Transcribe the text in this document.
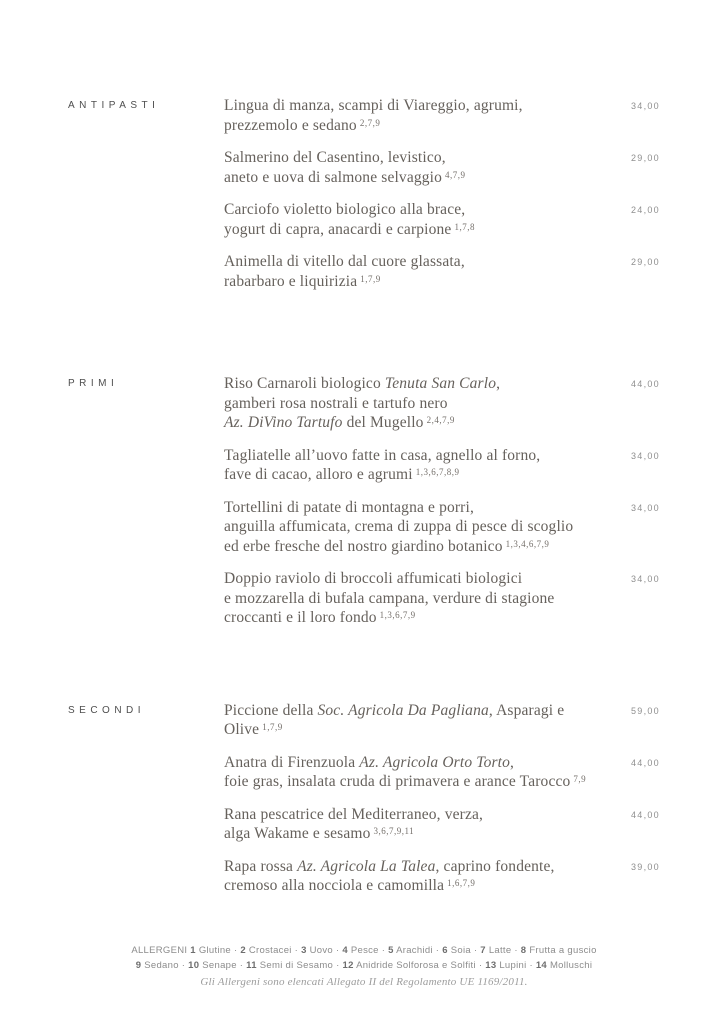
ANTIPASTI	Lingua di manza, scampi di Viareggio, agrumi,
prezzemolo e sedano $^{2,7,9}$
34,00
Salmerino del Casentino, levistico,
aneto e uova di salmone selvaggio $^{4,7,9}$
29,00
Carciofo violetto biologico alla brace,
yogurt di capra, anacardi e carpione $^{1,7,8}$
24,00
Animella di vitello dal cuore glassata,
rabarbaro e liquirizia $^{1,7,9}$
29,00
PRIMI	Riso Carnaroli biologico Tenuta San Carlo,
gamberi rosa nostrali e tartufo nero
Az. DiVino Tartufo del Mugello $^{2,4,7,9}$
44,00
Tagliatelle all’uovo fatte in casa, agnello al forno,
fave di cacao, alloro e agrumi $^{1,3,6,7,8,9}$
34,00
Tortellini di patate di montagna e porri,
anguilla affumicata, crema di zuppa di pesce di scoglio
ed erbe fresche del nostro giardino botanico $^{1,3,4,6,7,9}$
34,00
Doppio raviolo di broccoli affumicati biologici
e mozzarella di bufala campana, verdure di stagione
croccanti e il loro fondo $^{1,3,6,7,9}$
34,00
SECONDI	Piccione della Soc. Agricola Da Pagliana, Asparagi e Olive $^{1,7,9}$
59,00
Anatra di Firenzuola Az. Agricola Orto Torto,
foie gras, insalata cruda di primavera e arance Tarocco $^{7,9}$
44,00
Rana pescatrice del Mediterraneo, verza,
alga Wakame e sesamo $^{3,6,7,9,11}$
44,00
Rapa rossa Az. Agricola La Talea, caprino fondente,
cremoso alla nocciola e camomilla $^{1,6,7,9}$
39,00
ALLERGENI 1 Glutine · 2 Crostacei · 3 Uovo · 4 Pesce · 5 Arachidi · 6 Soia · 7 Latte · 8 Frutta a guscio
9 Sedano · 10 Senape · 11 Semi di Sesamo · 12 Anidride Solforosa e Solfiti · 13 Lupini · 14 Molluschi
Gli Allergeni sono elencati Allegato II del Regolamento UE 1169/2011.
